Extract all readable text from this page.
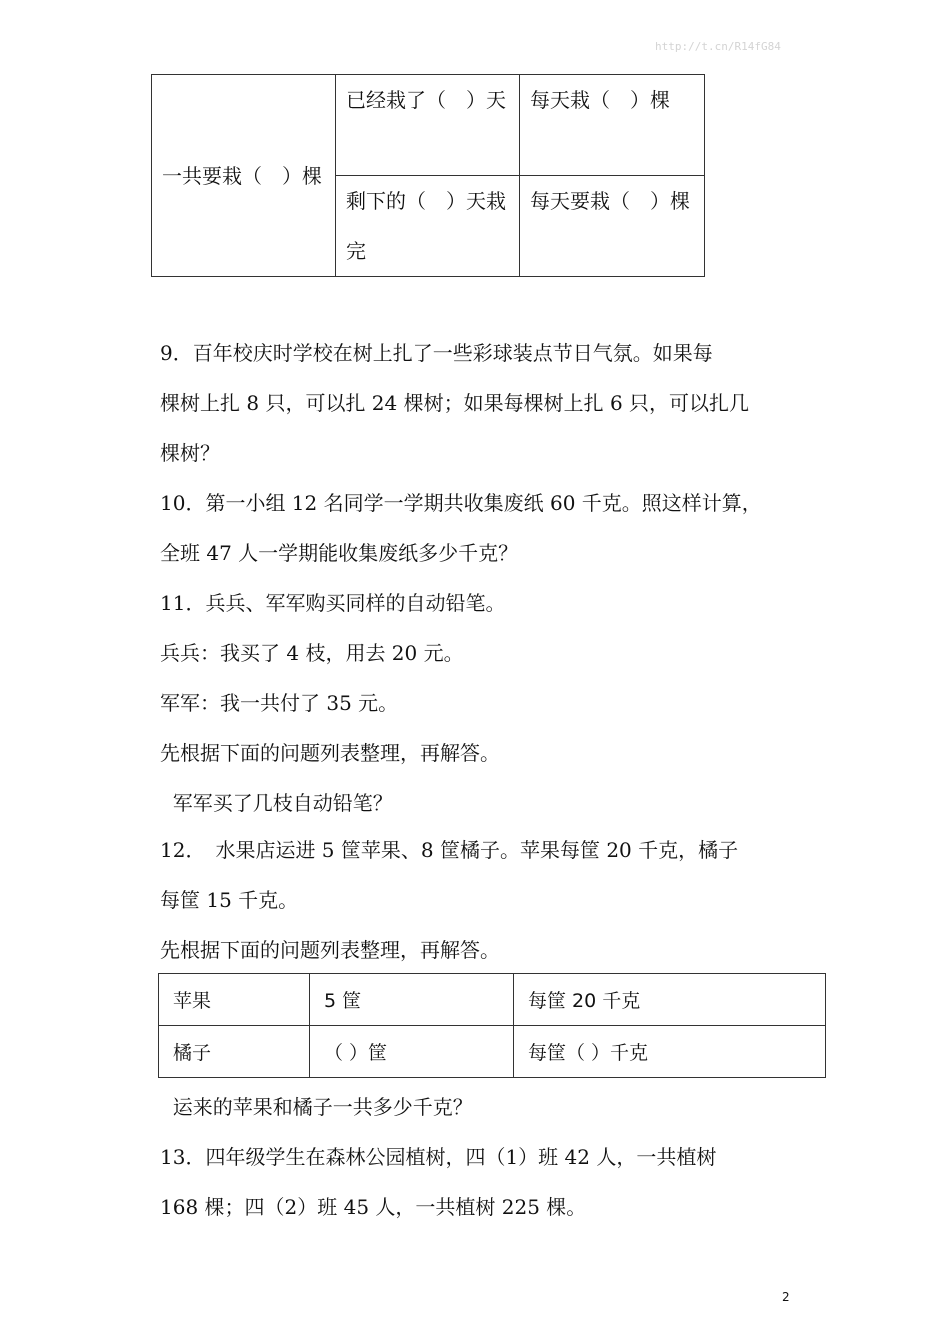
http://t.cn/R14fG84
一共要栽（　）棵	已经栽了（　）天	每天栽（　）棵
	剩下的（　）天栽完	每天要栽（　）棵

9．百年校庆时学校在树上扎了一些彩球装点节日气氛。如果每

棵树上扎 8 只，可以扎 24 棵树；如果每棵树上扎 6 只，可以扎几

棵树？

10．第一小组 12 名同学一学期共收集废纸 60 千克。照这样计算，

全班 47 人一学期能收集废纸多少千克？

11．兵兵、军军购买同样的自动铅笔。

兵兵：我买了 4 枝，用去 20 元。

军军：我一共付了 35 元。

先根据下面的问题列表整理，再解答。

军军买了几枝自动铅笔？

12．　水果店运进 5 筐苹果、8 筐橘子。苹果每筐 20 千克，橘子

每筐 15 千克。

先根据下面的问题列表整理，再解答。

苹果	5 筐	每筐 20 千克
橘子	（ ）筐	每筐（ ）千克

运来的苹果和橘子一共多少千克？

13．四年级学生在森林公园植树，四（1）班 42 人，一共植树

168 棵；四（2）班 45 人，一共植树 225 棵。

2
